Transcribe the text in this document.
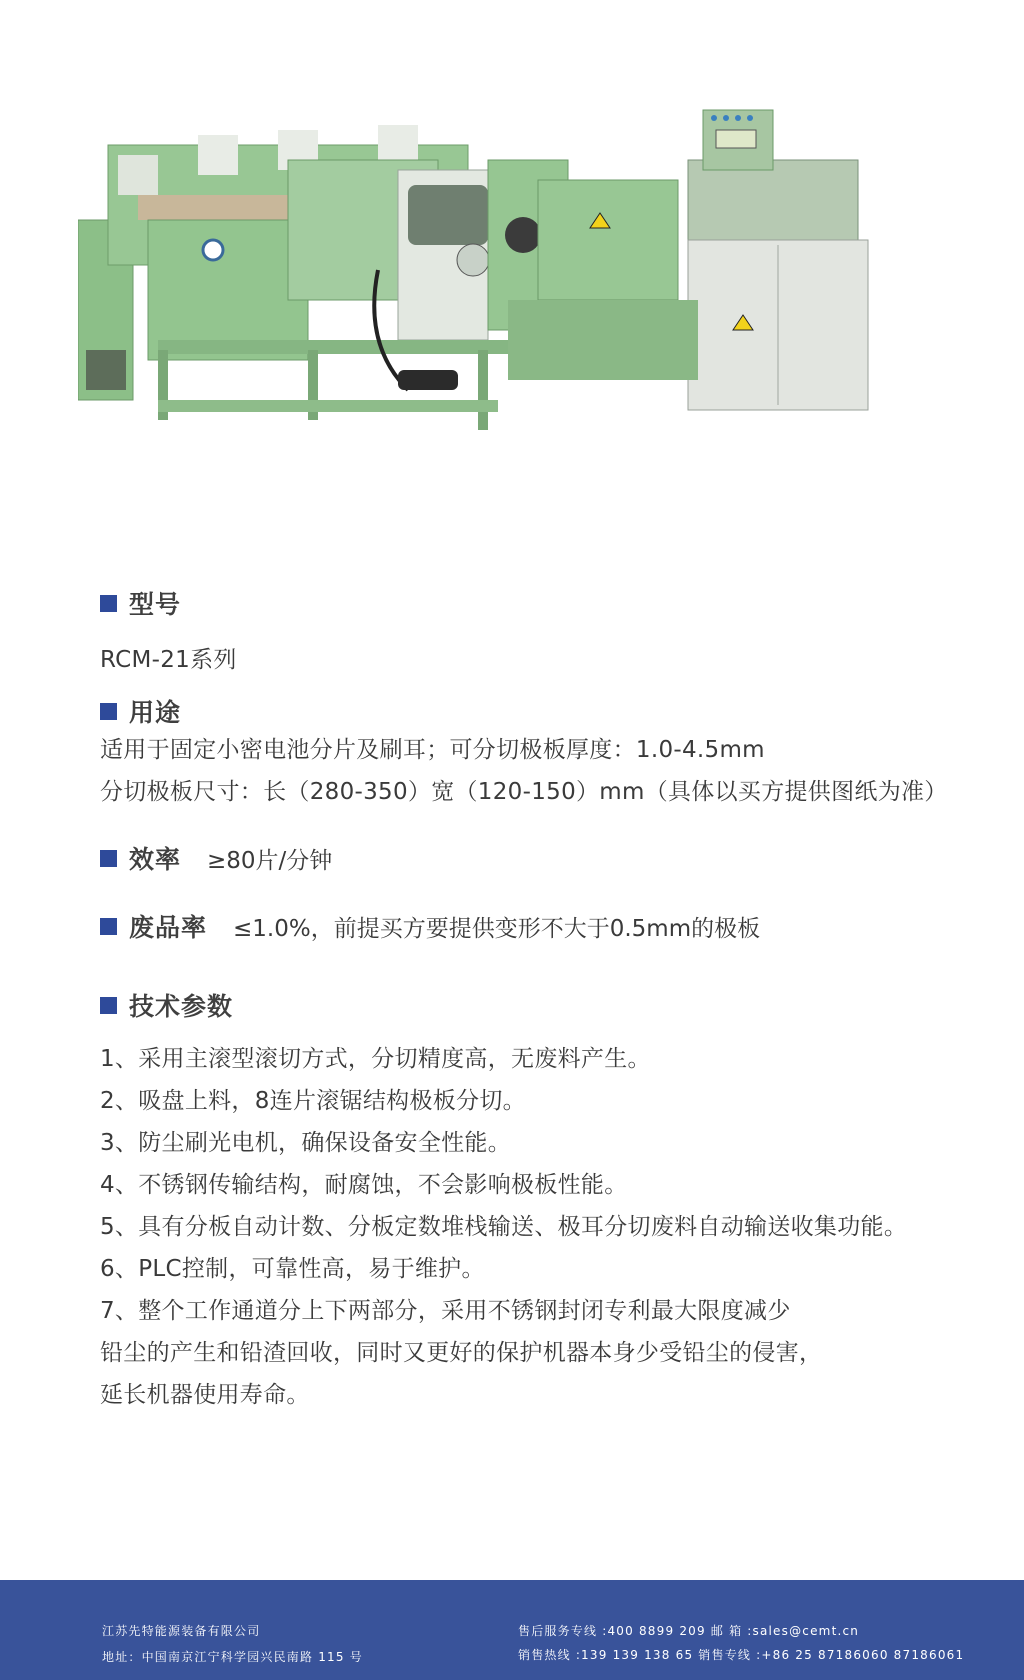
型号
RCM-21系列
用途
适用于固定小密电池分片及刷耳；可分切极板厚度：1.0-4.5mm
分切极板尺寸：长（280-350）宽（120-150）mm（具体以买方提供图纸为准）
效率 ≥80片/分钟
废品率 ≤1.0%，前提买方要提供变形不大于0.5mm的极板
技术参数
1、采用主滚型滚切方式，分切精度高，无废料产生。
2、吸盘上料，8连片滚锯结构极板分切。
3、防尘刷光电机，确保设备安全性能。
4、不锈钢传输结构，耐腐蚀，不会影响极板性能。
5、具有分板自动计数、分板定数堆栈输送、极耳分切废料自动输送收集功能。
6、PLC控制，可靠性高，易于维护。
7、整个工作通道分上下两部分，采用不锈钢封闭专利最大限度减少
铅尘的产生和铅渣回收，同时又更好的保护机器本身少受铅尘的侵害，
延长机器使用寿命。
江苏先特能源装备有限公司
地址：中国南京江宁科学园兴民南路 115 号
售后服务专线 :400 8899 209 邮 箱 :sales@cemt.cn
销售热线 :139 139 138 65 销售专线 :+86 25 87186060 87186061
